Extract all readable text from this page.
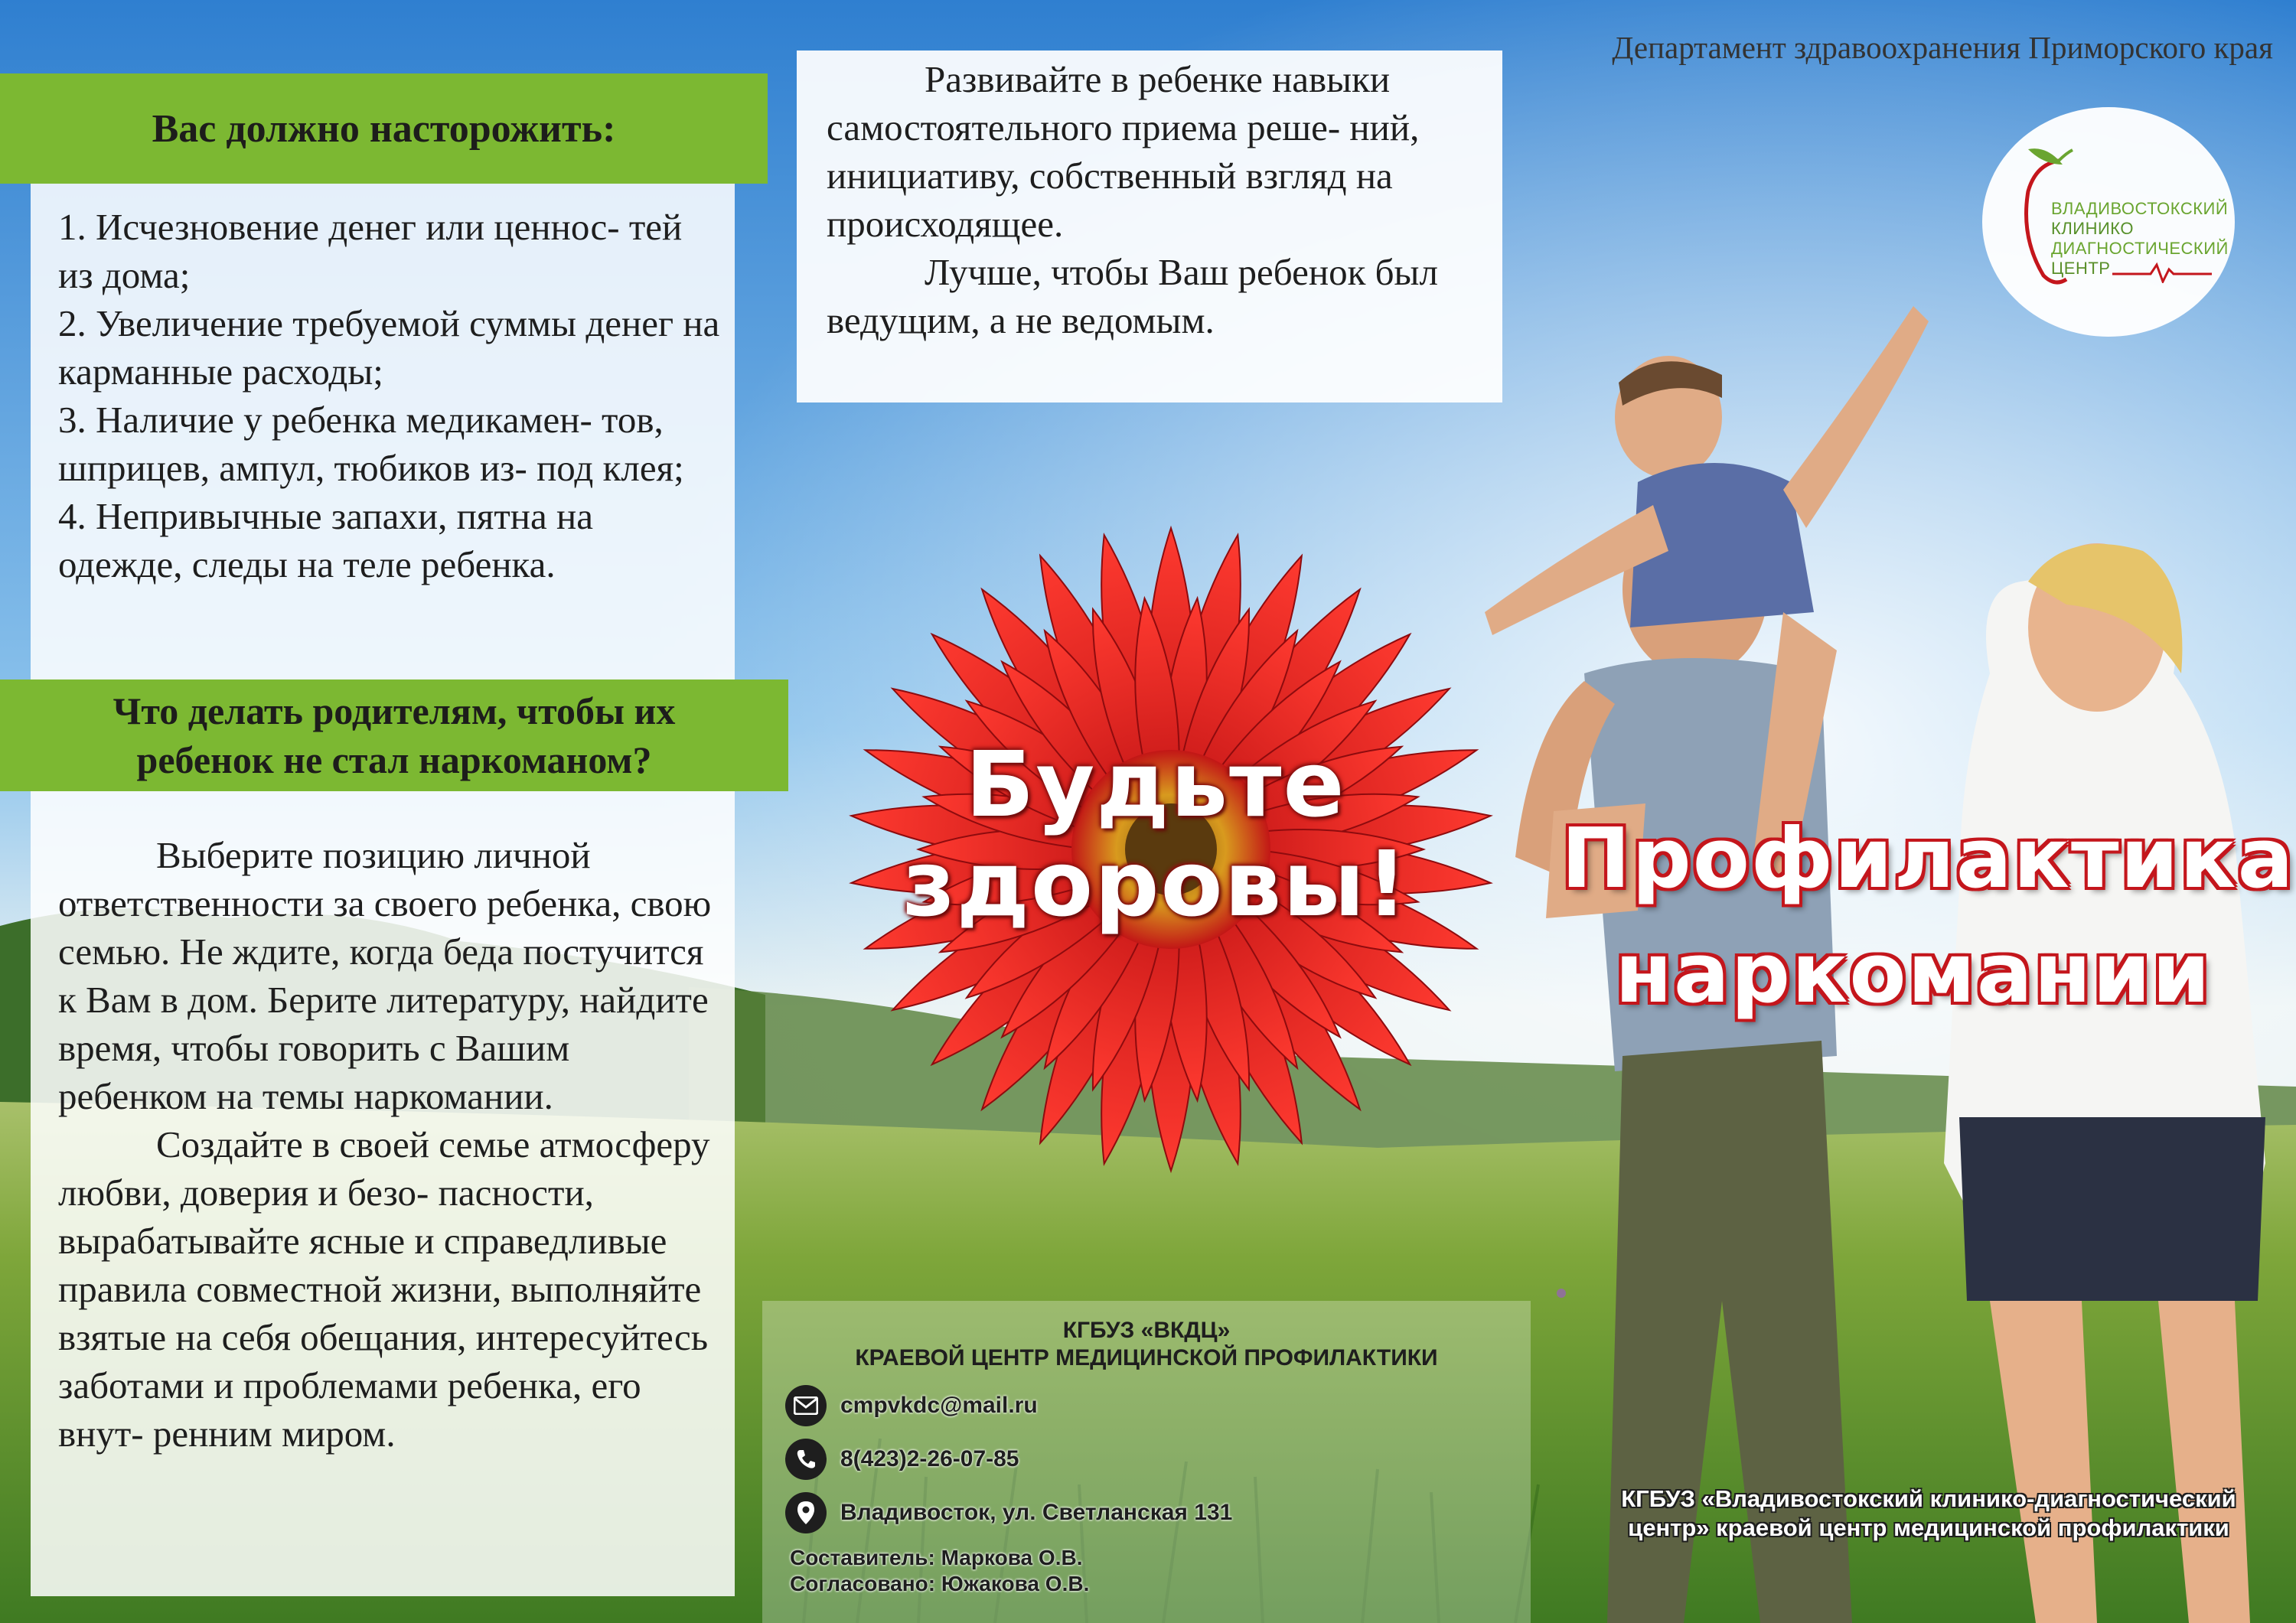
Департамент здравоохранения Приморского края
ВЛАДИВОСТОКСКИЙ
КЛИНИКО
ДИАГНОСТИЧЕСКИЙ
ЦЕНТР
Вас должно насторожить:

1. Исчезновение денег или ценнос- тей из дома;
2. Увеличение требуемой суммы денег на карманные расходы;
3. Наличие у ребенка медикамен- тов, шприцев, ампул, тюбиков из- под клея;
4. Непривычные запахи, пятна на одежде, следы на теле ребенка.

Что делать родителям, чтобы их ребенок не стал наркоманом?

Выберите позицию личной ответственности за своего ребенка, свою семью. Не ждите, когда беда постучится к Вам в дом. Берите литературу, найдите время, чтобы говорить с Вашим ребенком на темы наркомании.

Создайте в своей семье атмосферу любви, доверия и безо- пасности, вырабатывайте ясные и справедливые правила совместной жизни, выполняйте взятые на себя обещания, интересуйтесь заботами и проблемами ребенка, его внут- ренним миром.

Развивайте в ребенке навыки самостоятельного приема реше- ний, инициативу, собственный взгляд на происходящее.

Лучше, чтобы Ваш ребенок был ведущим, а не ведомым.

Будьте
здоровы! Профилактика
наркомании
КГБУЗ «ВКДЦ»
КРАЕВОЙ ЦЕНТР МЕДИЦИНСКОЙ ПРОФИЛАКТИКИ
cmpvkdc@mail.ru
8(423)2-26-07-85
Владивосток, ул. Светланская 131
Составитель: Маркова О.В.
Согласовано: Южакова О.В.
КГБУЗ «Владивостокский клинико-диагностический
центр» краевой центр медицинской профилактики
